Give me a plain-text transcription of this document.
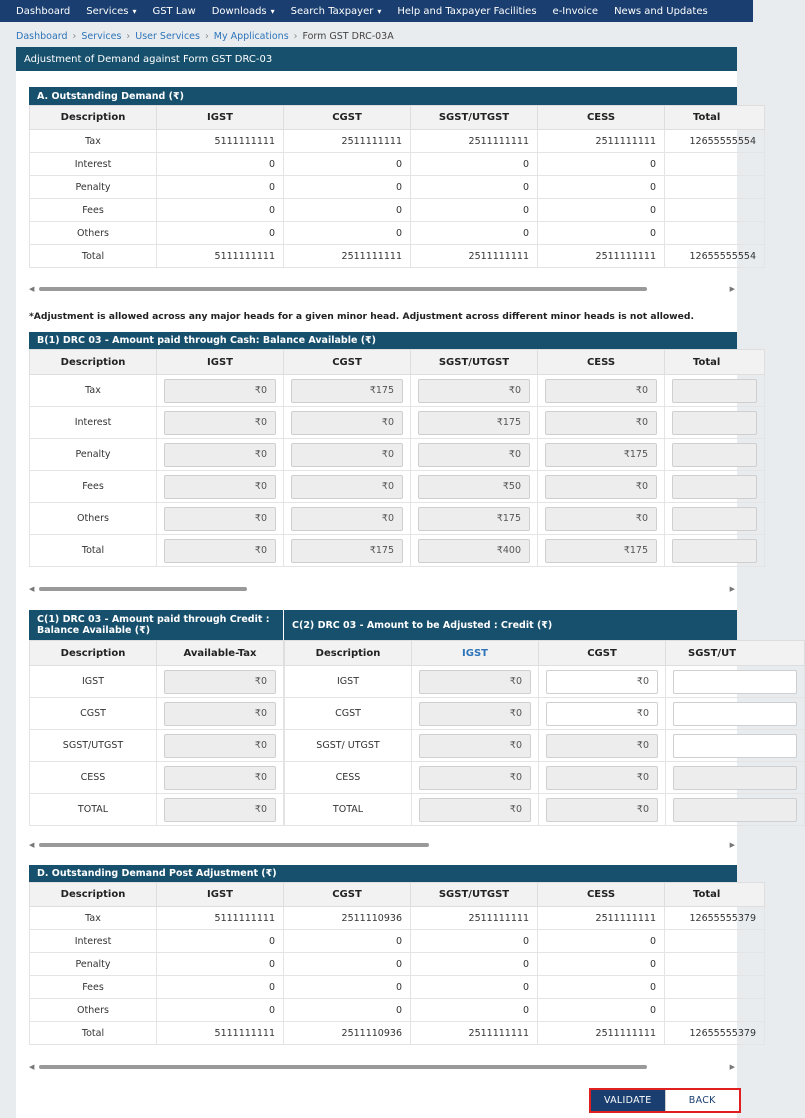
Dashboard Services ▾ GST Law Downloads ▾ Search Taxpayer ▾ Help and Taxpayer Facilities e-Invoice News and Updates
Dashboard › Services › User Services › My Applications › Form GST DRC-03A
Adjustment of Demand against Form GST DRC-03
A. Outstanding Demand (₹)
Description	IGST	CGST	SGST/UTGST	CESS	Total
Tax	5111111111	2511111111	2511111111	2511111111	12655555554
Interest	0	0	0	0	
Penalty	0	0	0	0	
Fees	0	0	0	0	
Others	0	0	0	0	
Total	5111111111	2511111111	2511111111	2511111111	12655555554
◀	▶
*Adjustment is allowed across any major heads for a given minor head. Adjustment across different minor heads is not allowed.
B(1) DRC 03 - Amount paid through Cash: Balance Available (₹)
Description	IGST	CGST	SGST/UTGST	CESS	Total
Tax	₹0	₹175	₹0	₹0	

Interest	₹0	₹0	₹175	₹0	

Penalty	₹0	₹0	₹0	₹175	

Fees	₹0	₹0	₹50	₹0	

Others	₹0	₹0	₹175	₹0	

Total	₹0	₹175	₹400	₹175	

◀	▶
C(1) DRC 03 - Amount paid through Credit : Balance Available (₹)
Description	Available-Tax
IGST	₹0

CGST	₹0

SGST/UTGST	₹0

CESS	₹0

TOTAL	₹0
C(2) DRC 03 - Amount to be Adjusted : Credit (₹)
Description	IGST	CGST	SGST/UT
IGST	₹0	₹0	

CGST	₹0	₹0	

SGST/ UTGST	₹0	₹0	

CESS	₹0	₹0	

TOTAL	₹0	₹0	

◀	▶
D. Outstanding Demand Post Adjustment (₹)
Description	IGST	CGST	SGST/UTGST	CESS	Total
Tax	5111111111	2511110936	2511111111	2511111111	12655555379
Interest	0	0	0	0	
Penalty	0	0	0	0	
Fees	0	0	0	0	
Others	0	0	0	0	
Total	5111111111	2511110936	2511111111	2511111111	12655555379
◀	▶
VALIDATE	BACK
